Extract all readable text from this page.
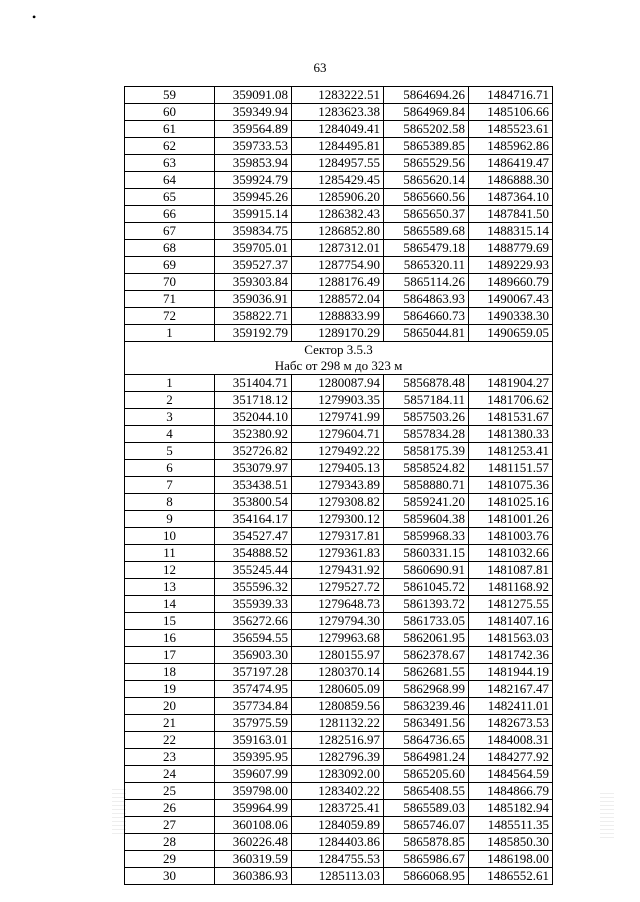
•
63
59	359091.08	1283222.51	5864694.26	1484716.71
60	359349.94	1283623.38	5864969.84	1485106.66
61	359564.89	1284049.41	5865202.58	1485523.61
62	359733.53	1284495.81	5865389.85	1485962.86
63	359853.94	1284957.55	5865529.56	1486419.47
64	359924.79	1285429.45	5865620.14	1486888.30
65	359945.26	1285906.20	5865660.56	1487364.10
66	359915.14	1286382.43	5865650.37	1487841.50
67	359834.75	1286852.80	5865589.68	1488315.14
68	359705.01	1287312.01	5865479.18	1488779.69
69	359527.37	1287754.90	5865320.11	1489229.93
70	359303.84	1288176.49	5865114.26	1489660.79
71	359036.91	1288572.04	5864863.93	1490067.43
72	358822.71	1288833.99	5864660.73	1490338.30
1	359192.79	1289170.29	5865044.81	1490659.05
Сектор 3.5.3				
Набс от 298 м до 323 м				
1	351404.71	1280087.94	5856878.48	1481904.27
2	351718.12	1279903.35	5857184.11	1481706.62
3	352044.10	1279741.99	5857503.26	1481531.67
4	352380.92	1279604.71	5857834.28	1481380.33
5	352726.82	1279492.22	5858175.39	1481253.41
6	353079.97	1279405.13	5858524.82	1481151.57
7	353438.51	1279343.89	5858880.71	1481075.36
8	353800.54	1279308.82	5859241.20	1481025.16
9	354164.17	1279300.12	5859604.38	1481001.26
10	354527.47	1279317.81	5859968.33	1481003.76
11	354888.52	1279361.83	5860331.15	1481032.66
12	355245.44	1279431.92	5860690.91	1481087.81
13	355596.32	1279527.72	5861045.72	1481168.92
14	355939.33	1279648.73	5861393.72	1481275.55
15	356272.66	1279794.30	5861733.05	1481407.16
16	356594.55	1279963.68	5862061.95	1481563.03
17	356903.30	1280155.97	5862378.67	1481742.36
18	357197.28	1280370.14	5862681.55	1481944.19
19	357474.95	1280605.09	5862968.99	1482167.47
20	357734.84	1280859.56	5863239.46	1482411.01
21	357975.59	1281132.22	5863491.56	1482673.53
22	359163.01	1282516.97	5864736.65	1484008.31
23	359395.95	1282796.39	5864981.24	1484277.92
24	359607.99	1283092.00	5865205.60	1484564.59
25	359798.00	1283402.22	5865408.55	1484866.79
26	359964.99	1283725.41	5865589.03	1485182.94
27	360108.06	1284059.89	5865746.07	1485511.35
28	360226.48	1284403.86	5865878.85	1485850.30
29	360319.59	1284755.53	5865986.67	1486198.00
30	360386.93	1285113.03	5866068.95	1486552.61
